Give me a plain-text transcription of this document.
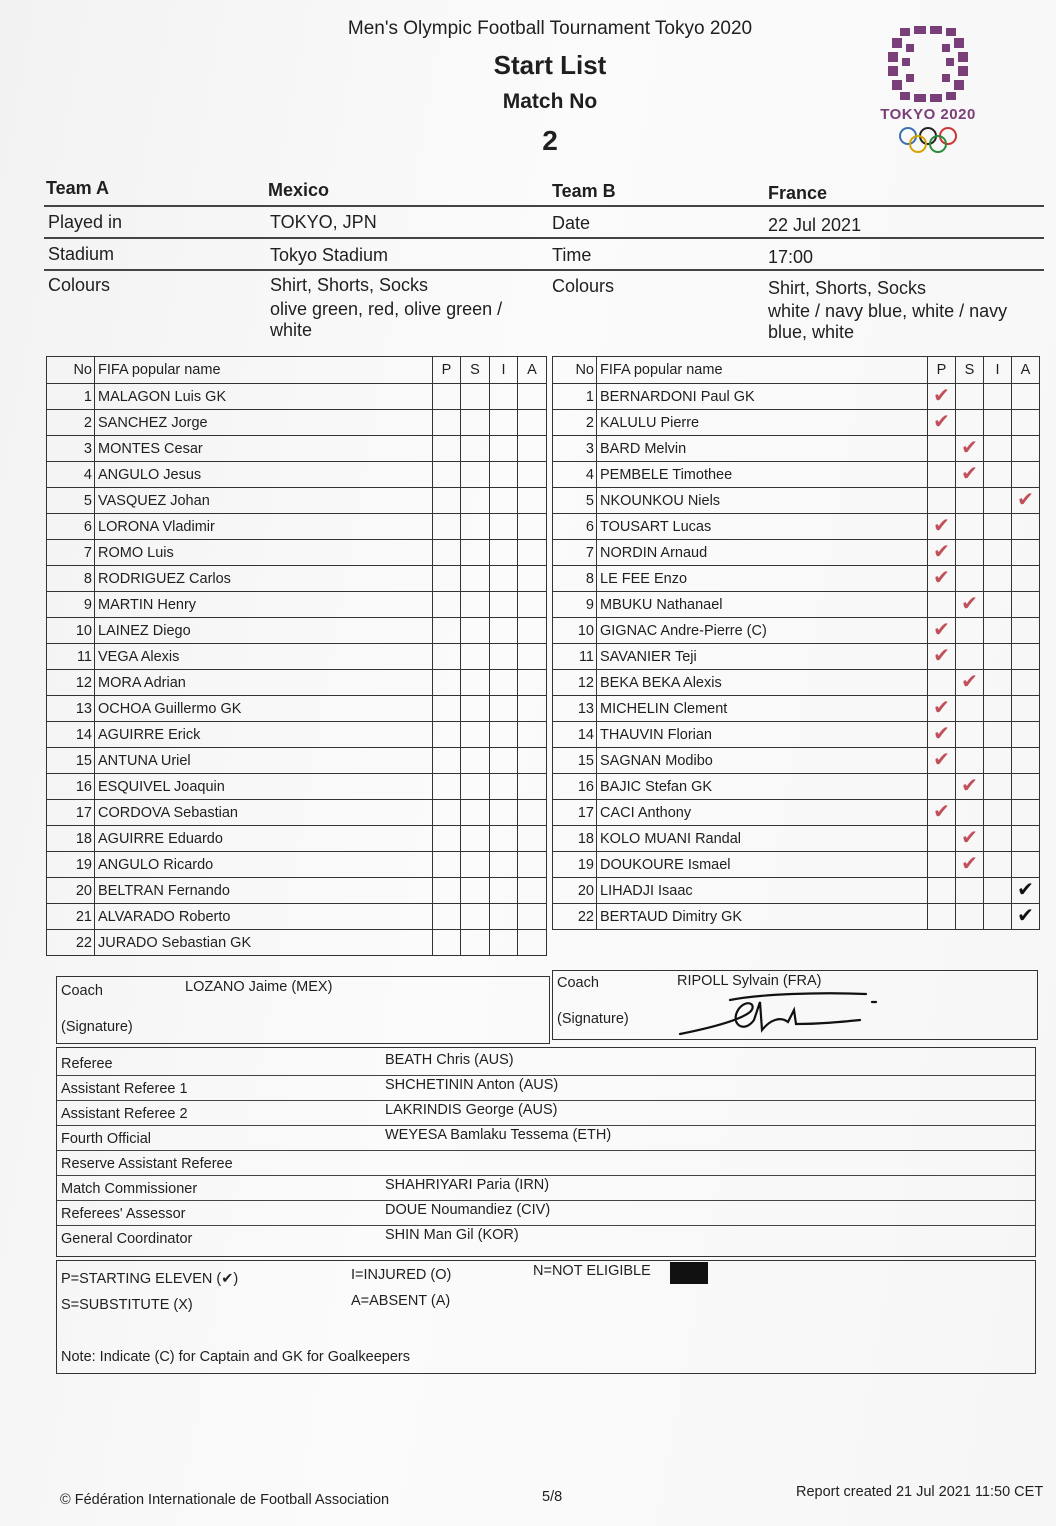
Men's Olympic Football Tournament Tokyo 2020
Start List
Match No
2
TOKYO 2020
Team A	Mexico	Team B	France
Played in	TOKYO, JPN	Date	22 Jul 2021
Stadium	Tokyo Stadium	Time	17:00
Colours	Shirt, Shorts, Socks
olive green, red, olive green /
white
Colours	Shirt, Shorts, Socks
white / navy blue, white / navy
blue, white
No	FIFA popular name	P	S	I	A
1	MALAGON Luis GK				
2	SANCHEZ Jorge				
3	MONTES Cesar				
4	ANGULO Jesus				
5	VASQUEZ Johan				
6	LORONA Vladimir				
7	ROMO Luis				
8	RODRIGUEZ Carlos				
9	MARTIN Henry				
10	LAINEZ Diego				
11	VEGA Alexis				
12	MORA Adrian				
13	OCHOA Guillermo GK				
14	AGUIRRE Erick				
15	ANTUNA Uriel				
16	ESQUIVEL Joaquin				
17	CORDOVA Sebastian				
18	AGUIRRE Eduardo				
19	ANGULO Ricardo				
20	BELTRAN Fernando				
21	ALVARADO Roberto				
22	JURADO Sebastian GK				
No	FIFA popular name	P	S	I	A
1	BERNARDONI Paul GK	✔			
2	KALULU Pierre	✔			
3	BARD Melvin		✔		
4	PEMBELE Timothee		✔		
5	NKOUNKOU Niels				✔
6	TOUSART Lucas	✔			
7	NORDIN Arnaud	✔			
8	LE FEE Enzo	✔			
9	MBUKU Nathanael		✔		
10	GIGNAC Andre-Pierre (C)	✔			
11	SAVANIER Teji	✔			
12	BEKA BEKA Alexis		✔		
13	MICHELIN Clement	✔			
14	THAUVIN Florian	✔			
15	SAGNAN Modibo	✔			
16	BAJIC Stefan GK		✔		
17	CACI Anthony	✔			
18	KOLO MUANI Randal		✔		
19	DOUKOURE Ismael		✔		
20	LIHADJI Isaac				✔
22	BERTAUD Dimitry GK				✔
Coach	LOZANO Jaime (MEX)
(Signature)
Coach	RIPOLL Sylvain (FRA)
(Signature)
Referee	BEATH Chris (AUS)
Assistant Referee 1	SHCHETININ Anton (AUS)
Assistant Referee 2	LAKRINDIS George (AUS)
Fourth Official	WEYESA Bamlaku Tessema (ETH)
Reserve Assistant Referee
Match Commissioner	SHAHRIYARI Paria (IRN)
Referees' Assessor	DOUE Noumandiez (CIV)
General Coordinator	SHIN Man Gil (KOR)
P=STARTING ELEVEN (✔)
S=SUBSTITUTE (X)
I=INJURED (O)
A=ABSENT (A)
N=NOT ELIGIBLE
Note: Indicate (C) for Captain and GK for Goalkeepers
© Fédération Internationale de Football Association	5/8	Report created 21 Jul 2021 11:50 CET
